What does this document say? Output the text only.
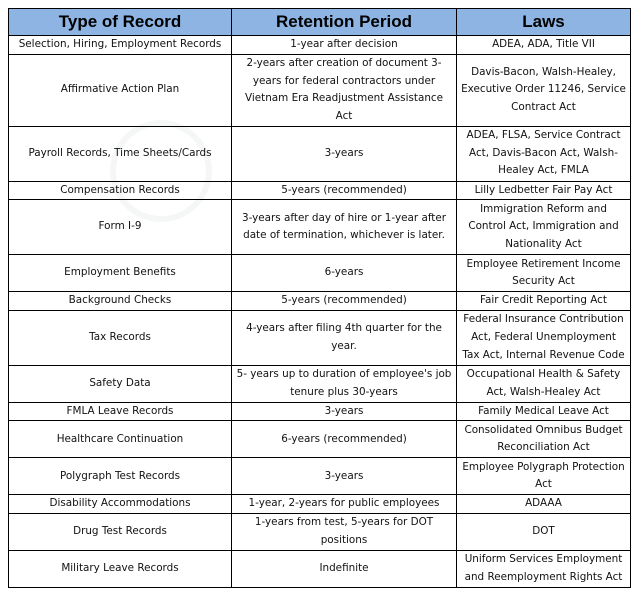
Type of Record	Retention Period	Laws
Selection, Hiring, Employment Records	1-year after decision	ADEA, ADA, Title VII
Affirmative Action Plan	2-years after creation of document 3-years for federal contractors under Vietnam Era Readjustment Assistance Act	Davis-Bacon, Walsh-Healey, Executive Order 11246, Service Contract Act
Payroll Records, Time Sheets/Cards	3-years	ADEA, FLSA, Service Contract Act, Davis-Bacon Act, Walsh-Healey Act, FMLA
Compensation Records	5-years (recommended)	Lilly Ledbetter Fair Pay Act
Form I-9	3-years after day of hire or 1-year after date of termination, whichever is later.	Immigration Reform and Control Act, Immigration and Nationality Act
Employment Benefits	6-years	Employee Retirement Income Security Act
Background Checks	5-years (recommended)	Fair Credit Reporting Act
Tax Records	4-years after filing 4th quarter for the year.	Federal Insurance Contribution Act, Federal Unemployment Tax Act, Internal Revenue Code
Safety Data	5- years up to duration of employee's job tenure plus 30-years	Occupational Health & Safety Act, Walsh-Healey Act
FMLA Leave Records	3-years	Family Medical Leave Act
Healthcare Continuation	6-years (recommended)	Consolidated Omnibus Budget Reconciliation Act
Polygraph Test Records	3-years	Employee Polygraph Protection Act
Disability Accommodations	1-year, 2-years for public employees	ADAAA
Drug Test Records	1-years from test, 5-years for DOT positions	DOT
Military Leave Records	Indefinite	Uniform Services Employment and Reemployment Rights Act
